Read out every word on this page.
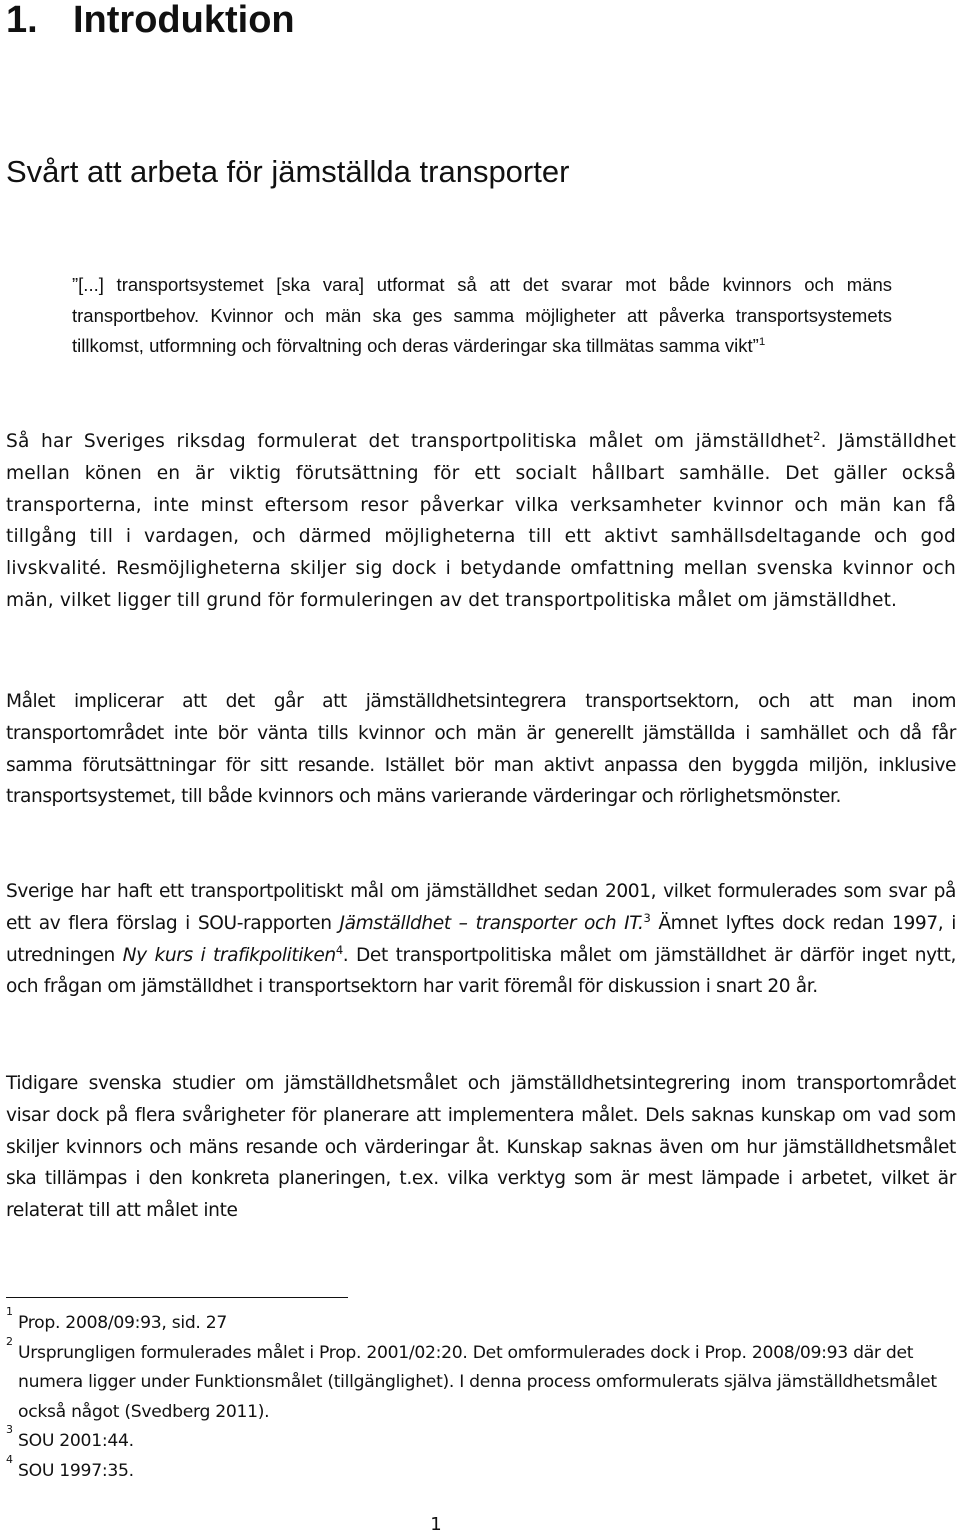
1. Introduktion
Svårt att arbeta för jämställda transporter

”[...] transportsystemet [ska vara] utformat så att det svarar mot både kvinnors och mäns transportbehov. Kvinnor och män ska ges samma möjligheter att påverka transportsystemets tillkomst, utformning och förvaltning och deras värderingar ska tillmätas samma vikt”$^1$

Så har Sveriges riksdag formulerat det transportpolitiska målet om jämställdhet$^2$. Jämställdhet mellan könen en är viktig förutsättning för ett socialt hållbart samhälle. Det gäller också transporterna, inte minst eftersom resor påverkar vilka verksamheter kvinnor och män kan få tillgång till i vardagen, och därmed möjligheterna till ett aktivt samhällsdeltagande och god livskvalité. Resmöjligheterna skiljer sig dock i betydande omfattning mellan svenska kvinnor och män, vilket ligger till grund för formuleringen av det transportpolitiska målet om jämställdhet.

Målet implicerar att det går att jämställdhetsintegrera transportsektorn, och att man inom transportområdet inte bör vänta tills kvinnor och män är generellt jämställda i samhället och då får samma förutsättningar för sitt resande. Istället bör man aktivt anpassa den byggda miljön, inklusive transportsystemet, till både kvinnors och mäns varierande värderingar och rörlighetsmönster.

Sverige har haft ett transportpolitiskt mål om jämställdhet sedan 2001, vilket formulerades som svar på ett av flera förslag i SOU-rapporten Jämställdhet – transporter och IT.$^3$ Ämnet lyftes dock redan 1997, i utredningen Ny kurs i trafikpolitiken$^4$. Det transportpolitiska målet om jämställdhet är därför inget nytt, och frågan om jämställdhet i transportsektorn har varit föremål för diskussion i snart 20 år.

Tidigare svenska studier om jämställdhetsmålet och jämställdhetsintegrering inom transportområdet visar dock på flera svårigheter för planerare att implementera målet. Dels saknas kunskap om vad som skiljer kvinnors och mäns resande och värderingar åt. Kunskap saknas även om hur jämställdhetsmålet ska tillämpas i den konkreta planeringen, t.ex. vilka verktyg som är mest lämpade i arbetet, vilket är relaterat till att målet inte

1
Prop. 2008/09:93, sid. 27

2
Ursprungligen formulerades målet i Prop. 2001/02:20. Det omformulerades dock i Prop. 2008/09:93 där det numera ligger under Funktionsmålet (tillgänglighet). I denna process omformulerats själva jämställdhetsmålet också något (Svedberg 2011).

3
SOU 2001:44.

4
SOU 1997:35.

1
